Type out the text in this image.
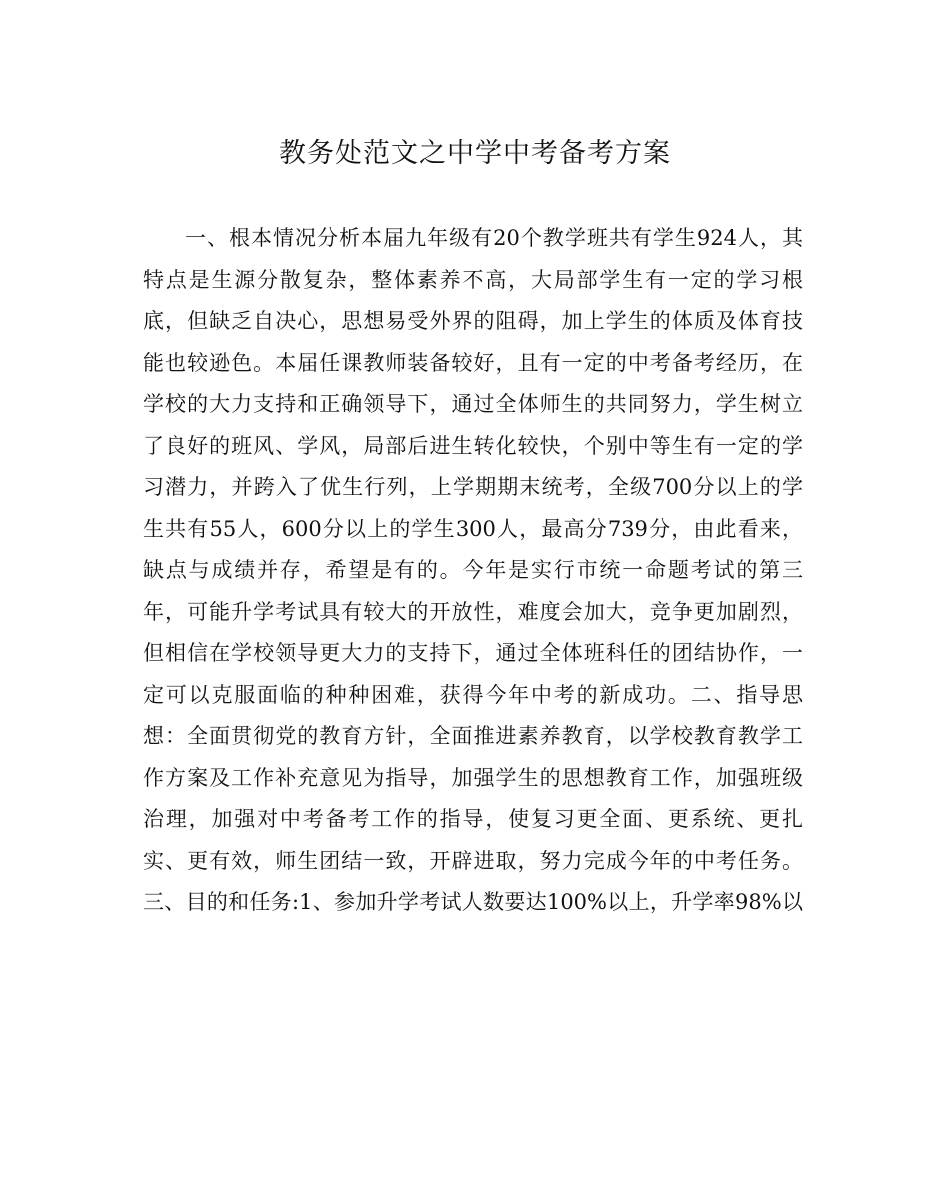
教务处范文之中学中考备考方案
一、根本情况分析本届九年级有20个教学班共有学生924人，其
特点是生源分散复杂，整体素养不高，大局部学生有一定的学习根
底，但缺乏自决心，思想易受外界的阻碍，加上学生的体质及体育技
能也较逊色。本届任课教师装备较好，且有一定的中考备考经历，在
学校的大力支持和正确领导下，通过全体师生的共同努力，学生树立
了良好的班风、学风，局部后进生转化较快，个别中等生有一定的学
习潜力，并跨入了优生行列，上学期期末统考，全级700分以上的学
生共有55人，600分以上的学生300人，最高分739分，由此看来，
缺点与成绩并存，希望是有的。今年是实行市统一命题考试的第三
年，可能升学考试具有较大的开放性，难度会加大，竞争更加剧烈，
但相信在学校领导更大力的支持下，通过全体班科任的团结协作，一
定可以克服面临的种种困难，获得今年中考的新成功。二、指导思
想：全面贯彻党的教育方针，全面推进素养教育，以学校教育教学工
作方案及工作补充意见为指导，加强学生的思想教育工作，加强班级
治理，加强对中考备考工作的指导，使复习更全面、更系统、更扎
实、更有效，师生团结一致，开辟进取，努力完成今年的中考任务。
三、目的和任务:1、参加升学考试人数要达100%以上，升学率98%以
